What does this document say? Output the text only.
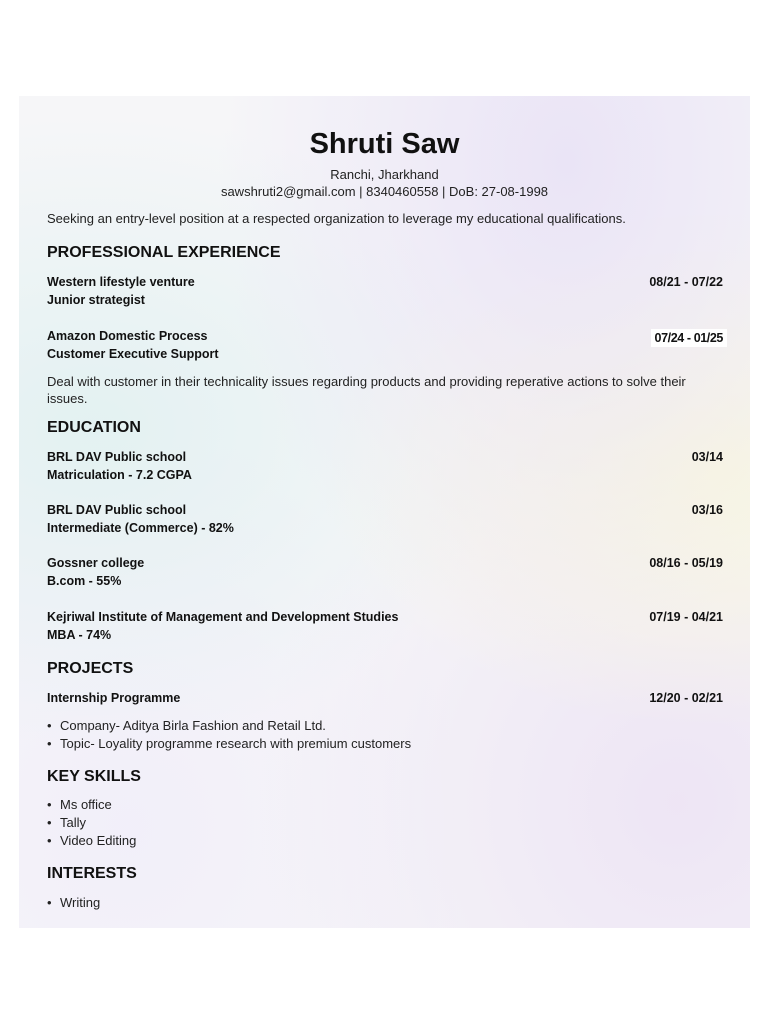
Shruti Saw
Ranchi, Jharkhand
sawshruti2@gmail.com | 8340460558 | DoB: 27-08-1998
Seeking an entry-level position at a respected organization to leverage my educational qualifications.
PROFESSIONAL EXPERIENCE
Western lifestyle venture	08/21 - 07/22
Junior strategist
Amazon Domestic Process	07/24 - 01/25
Customer Executive Support
Deal with customer in their technicality issues regarding products and providing reperative actions to solve their issues.
EDUCATION
BRL DAV Public school	03/14
Matriculation - 7.2 CGPA
BRL DAV Public school	03/16
Intermediate (Commerce) - 82%
Gossner college	08/16 - 05/19
B.com - 55%
Kejriwal Institute of Management and Development Studies	07/19 - 04/21
MBA - 74%
PROJECTS
Internship Programme	12/20 - 02/21
• Company- Aditya Birla Fashion and Retail Ltd.
• Topic- Loyality programme research with premium customers
KEY SKILLS
• Ms office
• Tally
• Video Editing
INTERESTS
• Writing
